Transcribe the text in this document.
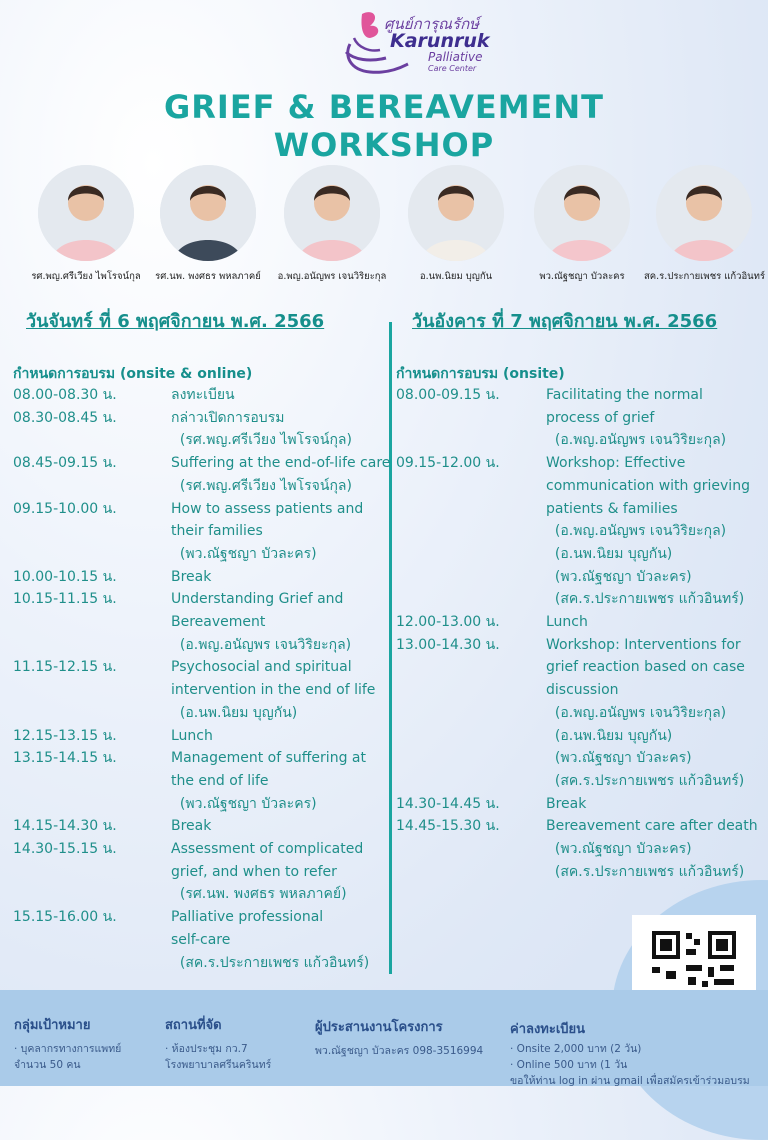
ศูนย์การุณรักษ์
Karunruk
Palliative
Care Center
GRIEF & BEREAVEMENT
WORKSHOP
รศ.พญ.ศรีเวียง ไพโรจน์กุล	รศ.นพ. พงศธร พหลภาคย์	อ.พญ.อนัญพร เจนวิริยะกุล	อ.นพ.นิยม บุญกัน	พว.ณัฐชญา บัวละคร	สค.ร.ประกายเพชร แก้วอินทร์
วันจันทร์ ที่ 6 พฤศจิกายน พ.ศ. 2566	วันอังคาร ที่ 7 พฤศจิกายน พ.ศ. 2566
กำหนดการอบรม (onsite & online)	กำหนดการอบรม (onsite)
08.00-08.30 น.	ลงทะเบียน
08.30-08.45 น.	กล่าวเปิดการอบรม
(รศ.พญ.ศรีเวียง ไพโรจน์กุล)
08.45-09.15 น.	Suffering at the end-of-life care
(รศ.พญ.ศรีเวียง ไพโรจน์กุล)
09.15-10.00 น.	How to assess patients and
their families
(พว.ณัฐชญา บัวละคร)
10.00-10.15 น.	Break
10.15-11.15 น.	Understanding Grief and
Bereavement
(อ.พญ.อนัญพร เจนวิริยะกุล)
11.15-12.15 น.	Psychosocial and spiritual
intervention in the end of life
(อ.นพ.นิยม บุญกัน)
12.15-13.15 น.	Lunch
13.15-14.15 น.	Management of suffering at
the end of life
(พว.ณัฐชญา บัวละคร)
14.15-14.30 น.	Break
14.30-15.15 น.	Assessment of complicated
grief, and when to refer
(รศ.นพ. พงศธร พหลภาคย์)
15.15-16.00 น.	Palliative professional
self-care
(สค.ร.ประกายเพชร แก้วอินทร์)
08.00-09.15 น.	Facilitating the normal
process of grief
(อ.พญ.อนัญพร เจนวิริยะกุล)
09.15-12.00 น.	Workshop: Effective
communication with grieving
patients & families
(อ.พญ.อนัญพร เจนวิริยะกุล)
(อ.นพ.นิยม บุญกัน)
(พว.ณัฐชญา บัวละคร)
(สค.ร.ประกายเพชร แก้วอินทร์)
12.00-13.00 น.	Lunch
13.00-14.30 น.	Workshop: Interventions for
grief reaction based on case
discussion
(อ.พญ.อนัญพร เจนวิริยะกุล)
(อ.นพ.นิยม บุญกัน)
(พว.ณัฐชญา บัวละคร)
(สค.ร.ประกายเพชร แก้วอินทร์)
14.30-14.45 น.	Break
14.45-15.30 น.	Bereavement care after death
(พว.ณัฐชญา บัวละคร)
(สค.ร.ประกายเพชร แก้วอินทร์)
กลุ่มเป้าหมาย
· บุคลากรทางการแพทย์
จำนวน 50 คน
สถานที่จัด
· ห้องประชุม กว.7
โรงพยาบาลศรีนครินทร์
ผู้ประสานงานโครงการ
พว.ณัฐชญา บัวละคร 098-3516994
ค่าลงทะเบียน
· Onsite 2,000 บาท (2 วัน)
· Online 500 บาท (1 วัน
ขอให้ท่าน log in ผ่าน gmail เพื่อสมัครเข้าร่วมอบรม
